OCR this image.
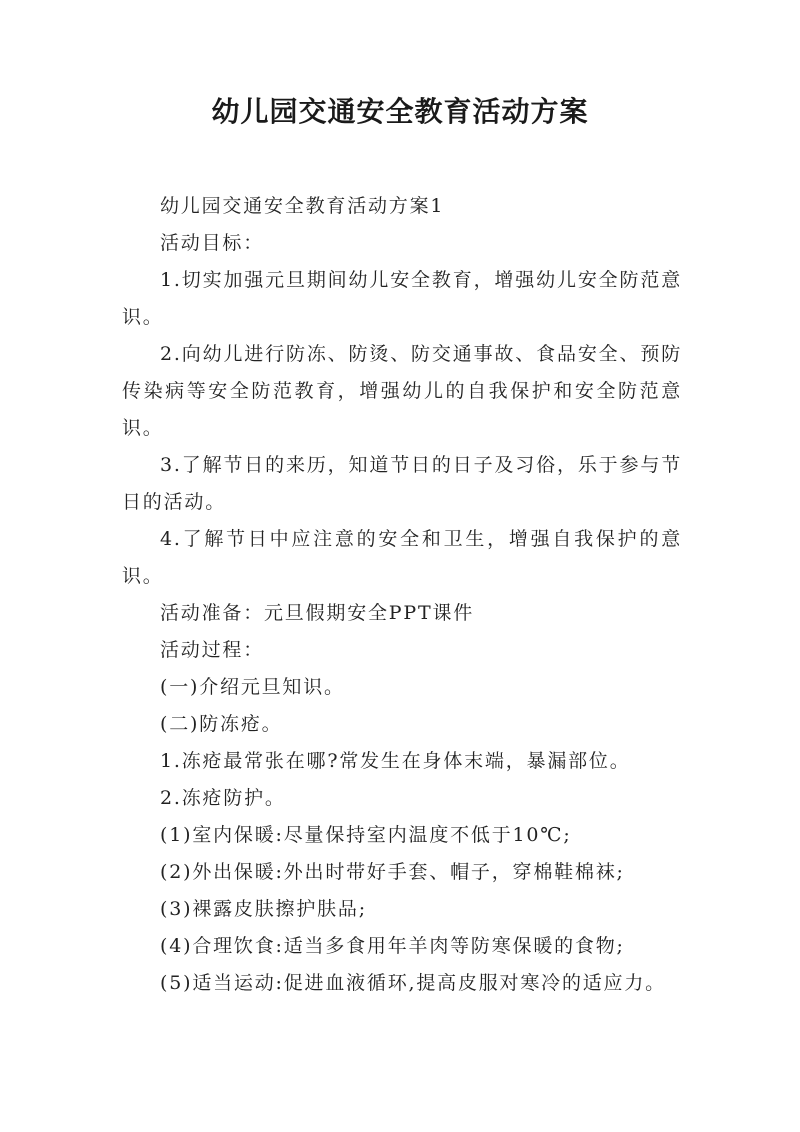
幼儿园交通安全教育活动方案

幼儿园交通安全教育活动方案1

活动目标：

1.切实加强元旦期间幼儿安全教育，增强幼儿安全防范意识。

2.向幼儿进行防冻、防烫、防交通事故、食品安全、预防传染病等安全防范教育，增强幼儿的自我保护和安全防范意识。

3.了解节日的来历，知道节日的日子及习俗，乐于参与节日的活动。

4.了解节日中应注意的安全和卫生，增强自我保护的意识。

活动准备：元旦假期安全PPT课件

活动过程：

(一)介绍元旦知识。

(二)防冻疮。

1.冻疮最常张在哪?常发生在身体末端，暴漏部位。

2.冻疮防护。

(1)室内保暖:尽量保持室内温度不低于10℃;

(2)外出保暖:外出时带好手套、帽子，穿棉鞋棉袜;

(3)裸露皮肤擦护肤品;

(4)合理饮食:适当多食用年羊肉等防寒保暖的食物;

(5)适当运动:促进血液循环,提高皮服对寒冷的适应力。
